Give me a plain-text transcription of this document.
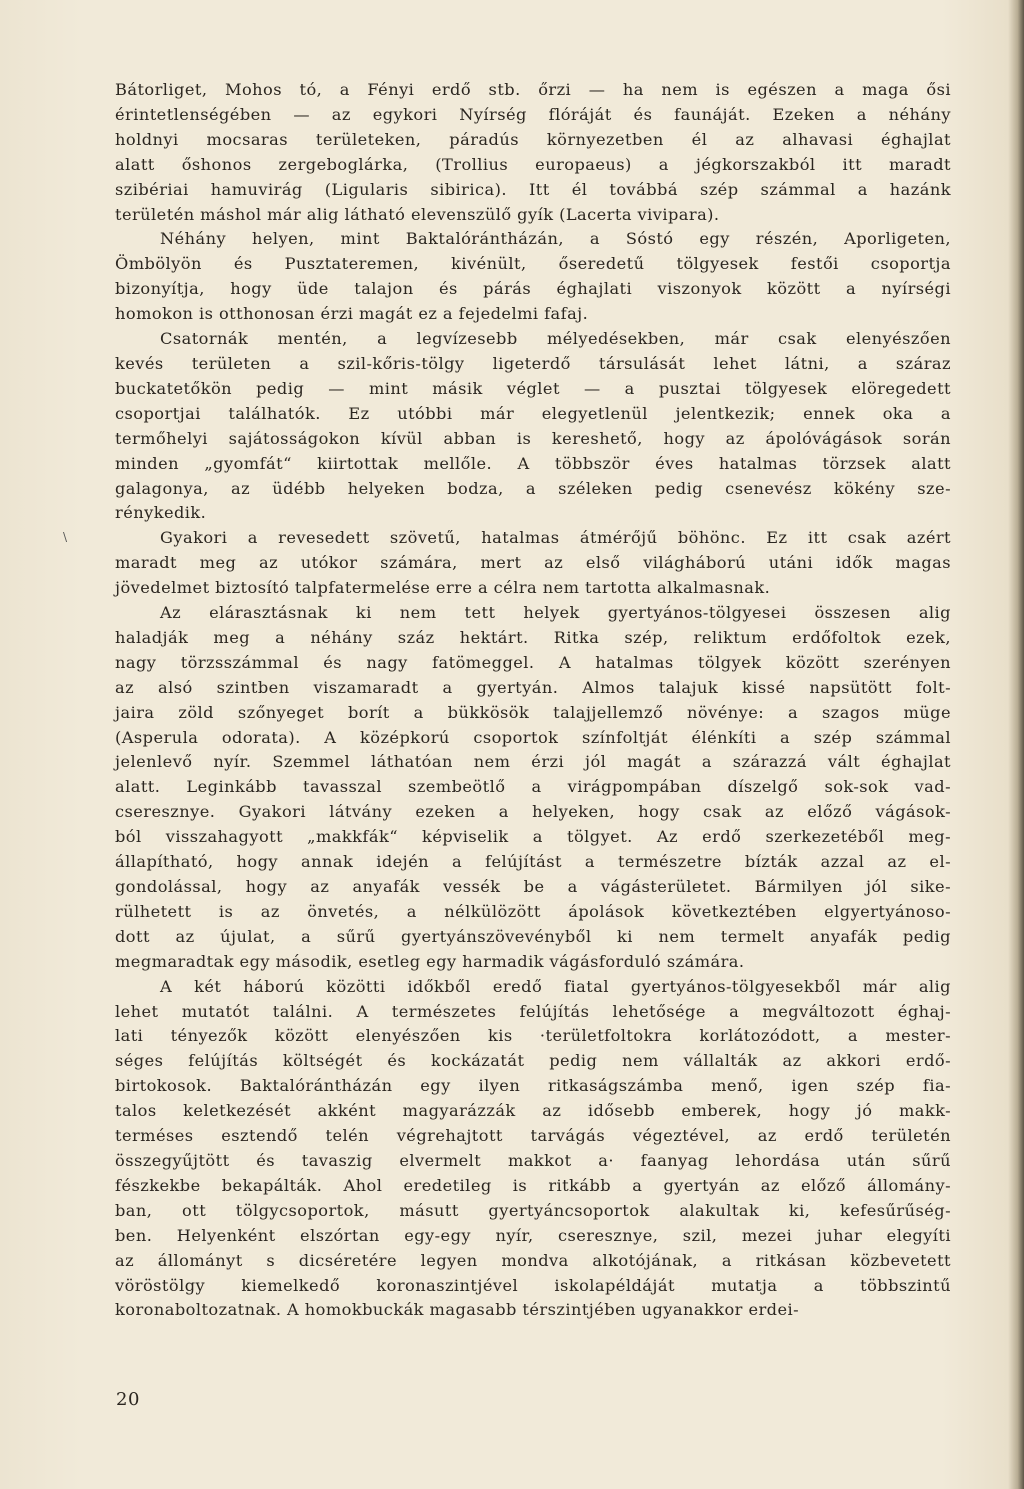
\

Bátorliget, Mohos tó, a Fényi erdő stb. őrzi — ha nem is egészen a maga ősi

érintetlenségében — az egykori Nyírség flóráját és faunáját. Ezeken a néhány

holdnyi mocsaras területeken, páradús környezetben él az alhavasi éghajlat

alatt őshonos zergeboglárka, (Trollius europaeus) a jégkorszakból itt maradt

szibériai hamuvirág (Ligularis sibirica). Itt él továbbá szép számmal a hazánk

területén máshol már alig látható elevenszülő gyík (Lacerta vivipara).

Néhány helyen, mint Baktalórántházán, a Sóstó egy részén, Aporligeten,

Ömbölyön és Pusztateremen, kivénült, őseredetű tölgyesek festői csoportja

bizonyítja, hogy üde talajon és párás éghajlati viszonyok között a nyírségi

homokon is otthonosan érzi magát ez a fejedelmi fafaj.

Csatornák mentén, a legvízesebb mélyedésekben, már csak elenyészően

kevés területen a szil-kőris-tölgy ligeterdő társulását lehet látni, a száraz

buckatetőkön pedig — mint másik véglet — a pusztai tölgyesek elöregedett

csoportjai találhatók. Ez utóbbi már elegyetlenül jelentkezik; ennek oka a

termőhelyi sajátosságokon kívül abban is kereshető, hogy az ápolóvágások során

minden „gyomfát“ kiirtottak mellőle. A többször éves hatalmas törzsek alatt

galagonya, az üdébb helyeken bodza, a széleken pedig csenevész kökény sze-

rénykedik.

Gyakori a revesedett szövetű, hatalmas átmérőjű böhönc. Ez itt csak azért

maradt meg az utókor számára, mert az első világháború utáni idők magas

jövedelmet biztosító talpfatermelése erre a célra nem tartotta alkalmasnak.

Az elárasztásnak ki nem tett helyek gyertyános-tölgyesei összesen alig

haladják meg a néhány száz hektárt. Ritka szép, reliktum erdőfoltok ezek,

nagy törzsszámmal és nagy fatömeggel. A hatalmas tölgyek között szerényen

az alsó szintben viszamaradt a gyertyán. Almos talajuk kissé napsütött folt-

jaira zöld szőnyeget borít a bükkösök talajjellemző növénye: a szagos müge

(Asperula odorata). A középkorú csoportok színfoltját élénkíti a szép számmal

jelenlevő nyír. Szemmel láthatóan nem érzi jól magát a szárazzá vált éghajlat

alatt. Leginkább tavasszal szembeötlő a virágpompában díszelgő sok-sok vad-

cseresznye. Gyakori látvány ezeken a helyeken, hogy csak az előző vágások-

ból visszahagyott „makkfák“ képviselik a tölgyet. Az erdő szerkezetéből meg-

állapítható, hogy annak idején a felújítást a természetre bízták azzal az el-

gondolással, hogy az anyafák vessék be a vágásterületet. Bármilyen jól sike-

rülhetett is az önvetés, a nélkülözött ápolások következtében elgyertyánoso-

dott az újulat, a sűrű gyertyánszövevényből ki nem termelt anyafák pedig

megmaradtak egy második, esetleg egy harmadik vágásforduló számára.

A két háború közötti időkből eredő fiatal gyertyános-tölgyesekből már alig

lehet mutatót találni. A természetes felújítás lehetősége a megváltozott éghaj-

lati tényezők között elenyészően kis ·területfoltokra korlátozódott, a mester-

séges felújítás költségét és kockázatát pedig nem vállalták az akkori erdő-

birtokosok. Baktalórántházán egy ilyen ritkaságszámba menő, igen szép fia-

talos keletkezését akként magyarázzák az idősebb emberek, hogy jó makk-

termésеs esztendő telén végrehajtott tarvágás végeztével, az erdő területén

összegyűjtött és tavaszig elvermelt makkot a· faanyag lehordása után sűrű

fészkekbe bekapálták. Ahol eredetileg is ritkább a gyertyán az előző állomány-

ban, ott tölgycsoportok, másutt gyertyáncsoportok alakultak ki, kefesűrűség-

ben. Helyenként elszórtan egy-egy nyír, cseresznye, szil, mezei juhar elegyíti

az állományt s dicséretére legyen mondva alkotójának, a ritkásan közbevetett

vöröstölgy kiemelkedő koronaszintjével iskolapéldáját mutatja a többszintű

koronaboltozatnak. A homokbuckák magasabb térszintjében ugyanakkor erdei-

20
